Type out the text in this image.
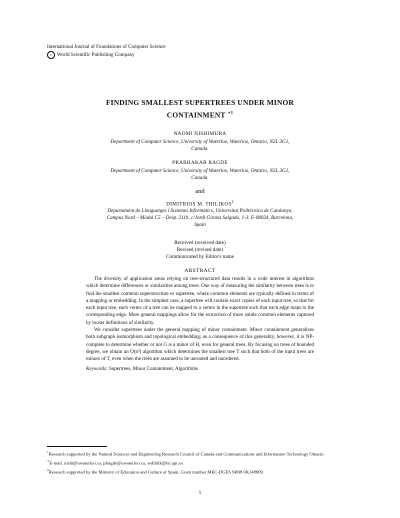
International Journal of Foundations of Computer Science
c World Scientific Publishing Company
FINDING SMALLEST SUPERTREES UNDER MINOR
CONTAINMENT $^{∗1}$
NAOMI NISHIMURA
Department of Computer Science, University of Waterloo, Waterloo, Ontario, N2L 3G1,
Canada.
PRABHAKAR RAGDE
Department of Computer Science, University of Waterloo, Waterloo, Ontario, N2L 3G1,
Canada.
and
DIMITRIOS M. THILIKOS$^2$
Departament de Llenguatges i Sistemes Informàtics, Universitat Politècnica de Catalunya,
Campus Nord – Mòdul C5 – Desp. 211b, c/Jordi Girona Salgado, 1-3. E-08034, Barcelona,
Spain
Received (received date)
Revised (revised date)
Communicated by Editor's name
ABSTRACT

The diversity of application areas relying on tree-structured data results in a wide interest in algorithms which determine differences or similarities among trees. One way of measuring the similarity between trees is to find the smallest common superstructure or supertree, where common elements are typically defined in terms of a mapping or embedding. In the simplest case, a supertree will contain exact copies of each input tree, so that for each input tree, each vertex of a tree can be mapped to a vertex in the supertree such that each edge maps to the corresponding edge. More general mappings allow for the extraction of more subtle common elements captured by looser definitions of similarity.

We consider supertrees under the general mapping of minor containment. Minor containment generalizes both subgraph isomorphism and topological embedding; as a consequence of this generality, however, it is NP-complete to determine whether or not G is a minor of H, even for general trees. By focusing on trees of bounded degree, we obtain an O(n³) algorithm which determines the smallest tree T such that both of the input trees are minors of T, even when the trees are assumed to be unrooted and unordered.

Keywords: Supertrees, Minor Containment, Algorithms

$^1$Research supported by the Natural Sciences and Engineering Research Council of Canada and Communications and Information Technology Ontario.

∗E-mail: nishi@uwaterloo.ca, plragde@uwaterloo.ca, sedthilk@lsi.upc.es

$^2$Research supported by the Ministry of Education and Culture of Spain, Grant number MEC-DGES SB98 0K148809.

1
